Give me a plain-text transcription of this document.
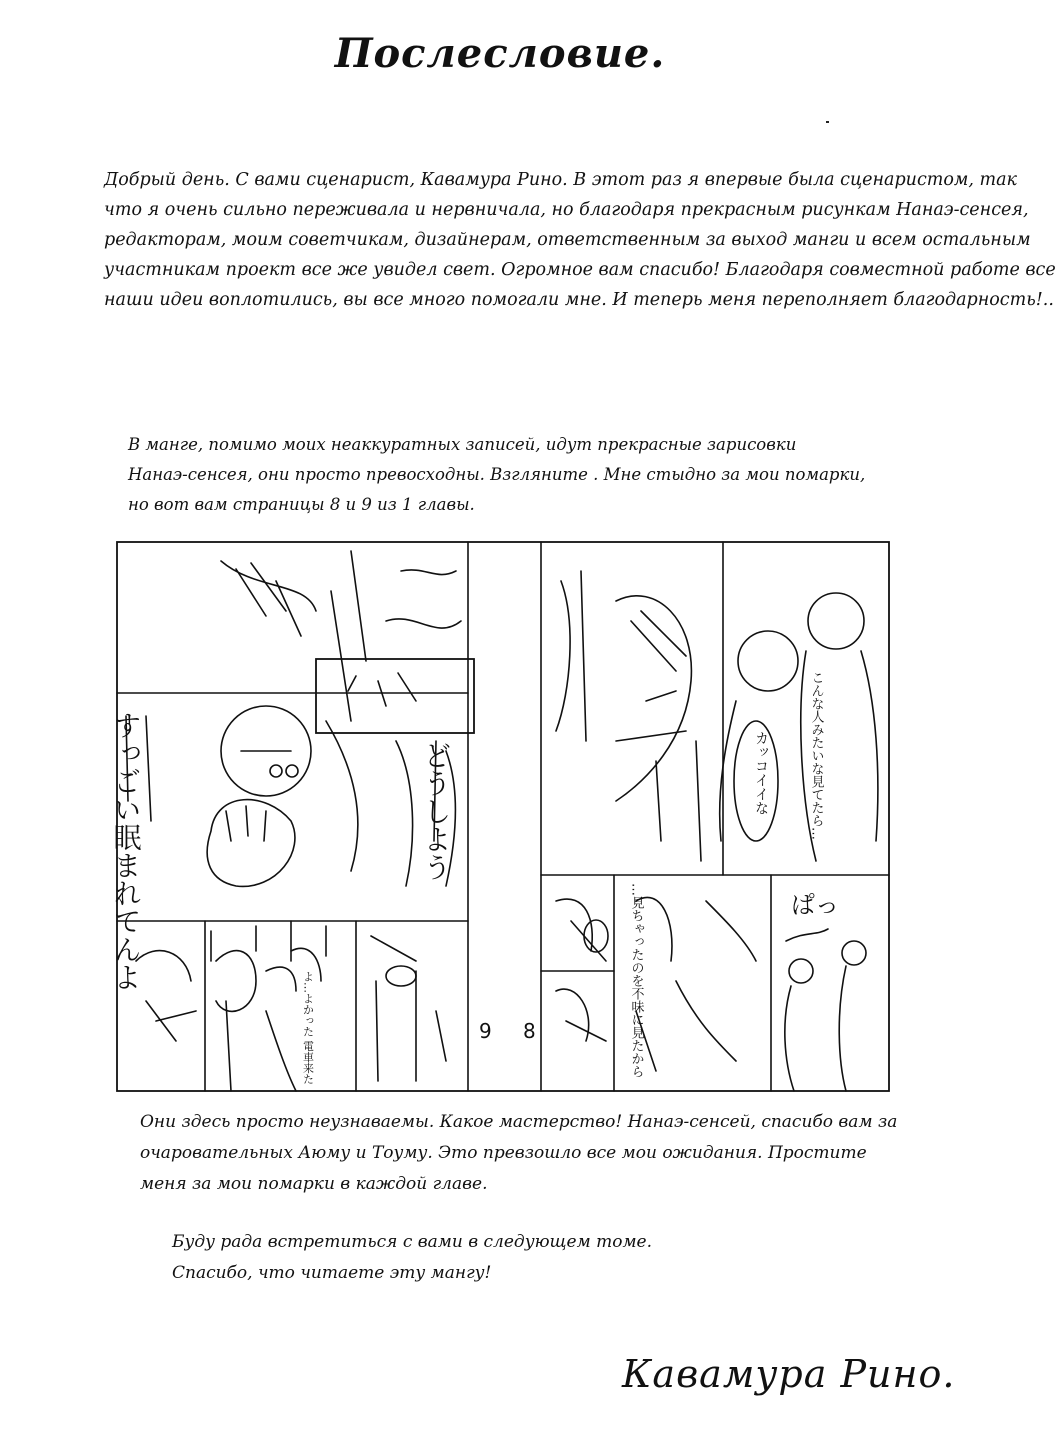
Послесловие.
Добрый день. С вами сценарист, Кавамура Рино. В этот раз я впервые была сценаристом, так
что я очень сильно переживала и нервничала, но благодаря прекрасным рисункам Нанаэ-сенсея,
редакторам, моим советчикам, дизайнерам, ответственным за выход манги и всем остальным
участникам проект все же увидел свет. Огромное вам спасибо! Благодаря совместной работе все
наши идеи воплотились, вы все много помогали мне. И теперь меня переполняет благодарность!..
В манге, помимо моих неаккуратных записей, идут прекрасные зарисовки
Нанаэ-сенсея, они просто превосходны. Взгляните . Мне стыдно за мои помарки,
но вот вам страницы 8 и 9 из 1 главы.
すっごい眠まれてんよ	どうしよう	カッコイイな	こんな人みたいな見てたら…
…見ちゃったのを不味に見たから	ぱっ
よ…よかった 電車来た	9 8
Они здесь просто неузнаваемы. Какое мастерство! Нанаэ-сенсей, спасибо вам за
очаровательных Аюму и Тоуму. Это превзошло все мои ожидания. Простите
меня за мои помарки в каждой главе.
Буду рада встретиться с вами в следующем томе.
Спасибо, что читаете эту мангу!
Кавамура Рино.
